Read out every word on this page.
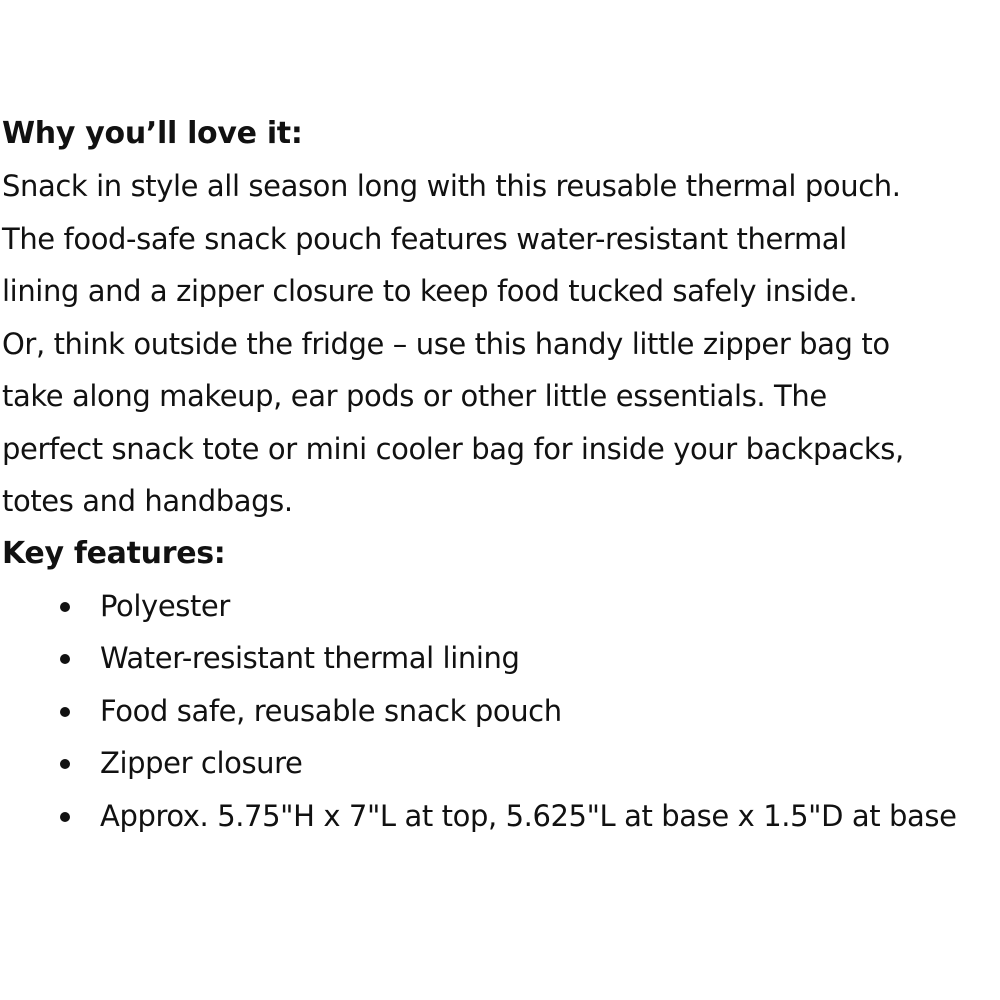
Why you’ll love it:
Snack in style all season long with this reusable thermal pouch.
The food-safe snack pouch features water-resistant thermal
lining and a zipper closure to keep food tucked safely inside.
Or, think outside the fridge – use this handy little zipper bag to
take along makeup, ear pods or other little essentials. The
perfect snack tote or mini cooler bag for inside your backpacks,
totes and handbags.
Key features:
Polyester
Water-resistant thermal lining
Food safe, reusable snack pouch
Zipper closure
Approx. 5.75"H x 7"L at top, 5.625"L at base x 1.5"D at base
